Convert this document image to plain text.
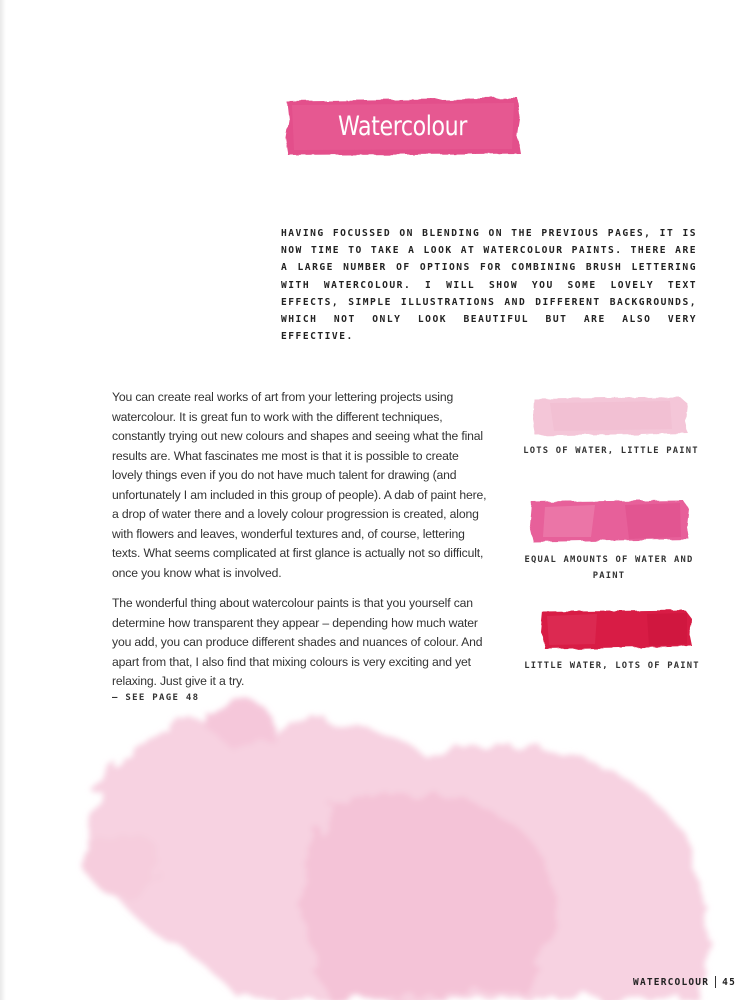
Watercolour
HAVING FOCUSSED ON BLENDING ON THE PREVIOUS PAGES, IT IS NOW TIME TO TAKE A LOOK AT WATERCOLOUR PAINTS. THERE ARE A LARGE NUMBER OF OPTIONS FOR COMBINING BRUSH LETTERING WITH WATERCOLOUR. I WILL SHOW YOU SOME LOVELY TEXT EFFECTS, SIMPLE ILLUSTRATIONS AND DIFFERENT BACKGROUNDS, WHICH NOT ONLY LOOK BEAUTIFUL BUT ARE ALSO VERY EFFECTIVE.

You can create real works of art from your lettering projects using watercolour. It is great fun to work with the different techniques, constantly trying out new colours and shapes and seeing what the final results are. What fascinates me most is that it is possible to create lovely things even if you do not have much talent for drawing (and unfortunately I am included in this group of people). A dab of paint here, a drop of water there and a lovely colour progression is created, along with flowers and leaves, wonderful textures and, of course, lettering texts. What seems complicated at first glance is actually not so difficult, once you know what is involved.

The wonderful thing about watercolour paints is that you yourself can determine how transparent they appear – depending how much water you add, you can produce different shades and nuances of colour. And apart from that, I also find that mixing colours is very exciting and yet relaxing. Just give it a try.

– SEE PAGE 48
LOTS OF WATER, LITTLE PAINT
EQUAL AMOUNTS OF WATER AND PAINT
LITTLE WATER, LOTS OF PAINT
WATERCOLOUR 45
